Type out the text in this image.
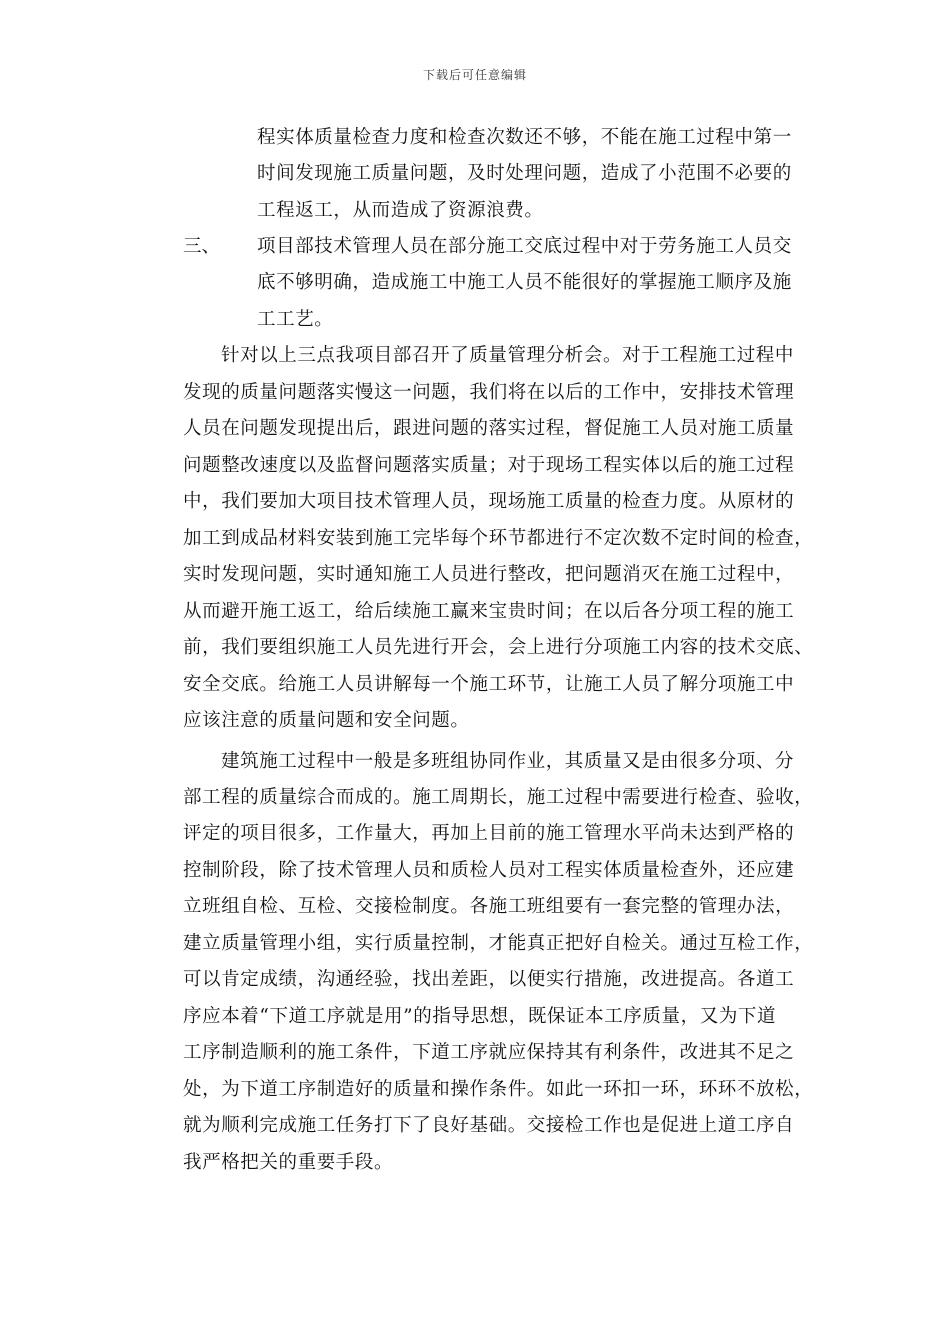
下载后可任意编辑
程实体质量检查力度和检查次数还不够，不能在施工过程中第一
时间发现施工质量问题，及时处理问题，造成了小范围不必要的
工程返工，从而造成了资源浪费。
三、 项目部技术管理人员在部分施工交底过程中对于劳务施工人员交
底不够明确，造成施工中施工人员不能很好的掌握施工顺序及施
工工艺。
针对以上三点我项目部召开了质量管理分析会。对于工程施工过程中
发现的质量问题落实慢这一问题，我们将在以后的工作中，安排技术管理
人员在问题发现提出后，跟进问题的落实过程，督促施工人员对施工质量
问题整改速度以及监督问题落实质量；对于现场工程实体以后的施工过程
中，我们要加大项目技术管理人员，现场施工质量的检查力度。从原材的
加工到成品材料安装到施工完毕每个环节都进行不定次数不定时间的检查，
实时发现问题，实时通知施工人员进行整改，把问题消灭在施工过程中，
从而避开施工返工，给后续施工赢来宝贵时间；在以后各分项工程的施工
前，我们要组织施工人员先进行开会，会上进行分项施工内容的技术交底、
安全交底。给施工人员讲解每一个施工环节，让施工人员了解分项施工中
应该注意的质量问题和安全问题。
建筑施工过程中一般是多班组协同作业，其质量又是由很多分项、分
部工程的质量综合而成的。施工周期长，施工过程中需要进行检查、验收，
评定的项目很多，工作量大，再加上目前的施工管理水平尚未达到严格的
控制阶段，除了技术管理人员和质检人员对工程实体质量检查外，还应建
立班组自检、互检、交接检制度。各施工班组要有一套完整的管理办法，
建立质量管理小组，实行质量控制，才能真正把好自检关。通过互检工作，
可以肯定成绩，沟通经验，找出差距，以便实行措施，改进提高。各道工
序应本着“下道工序就是用”的指导思想，既保证本工序质量，又为下道
工序制造顺利的施工条件，下道工序就应保持其有利条件，改进其不足之
处，为下道工序制造好的质量和操作条件。如此一环扣一环，环环不放松，
就为顺利完成施工任务打下了良好基础。交接检工作也是促进上道工序自
我严格把关的重要手段。
